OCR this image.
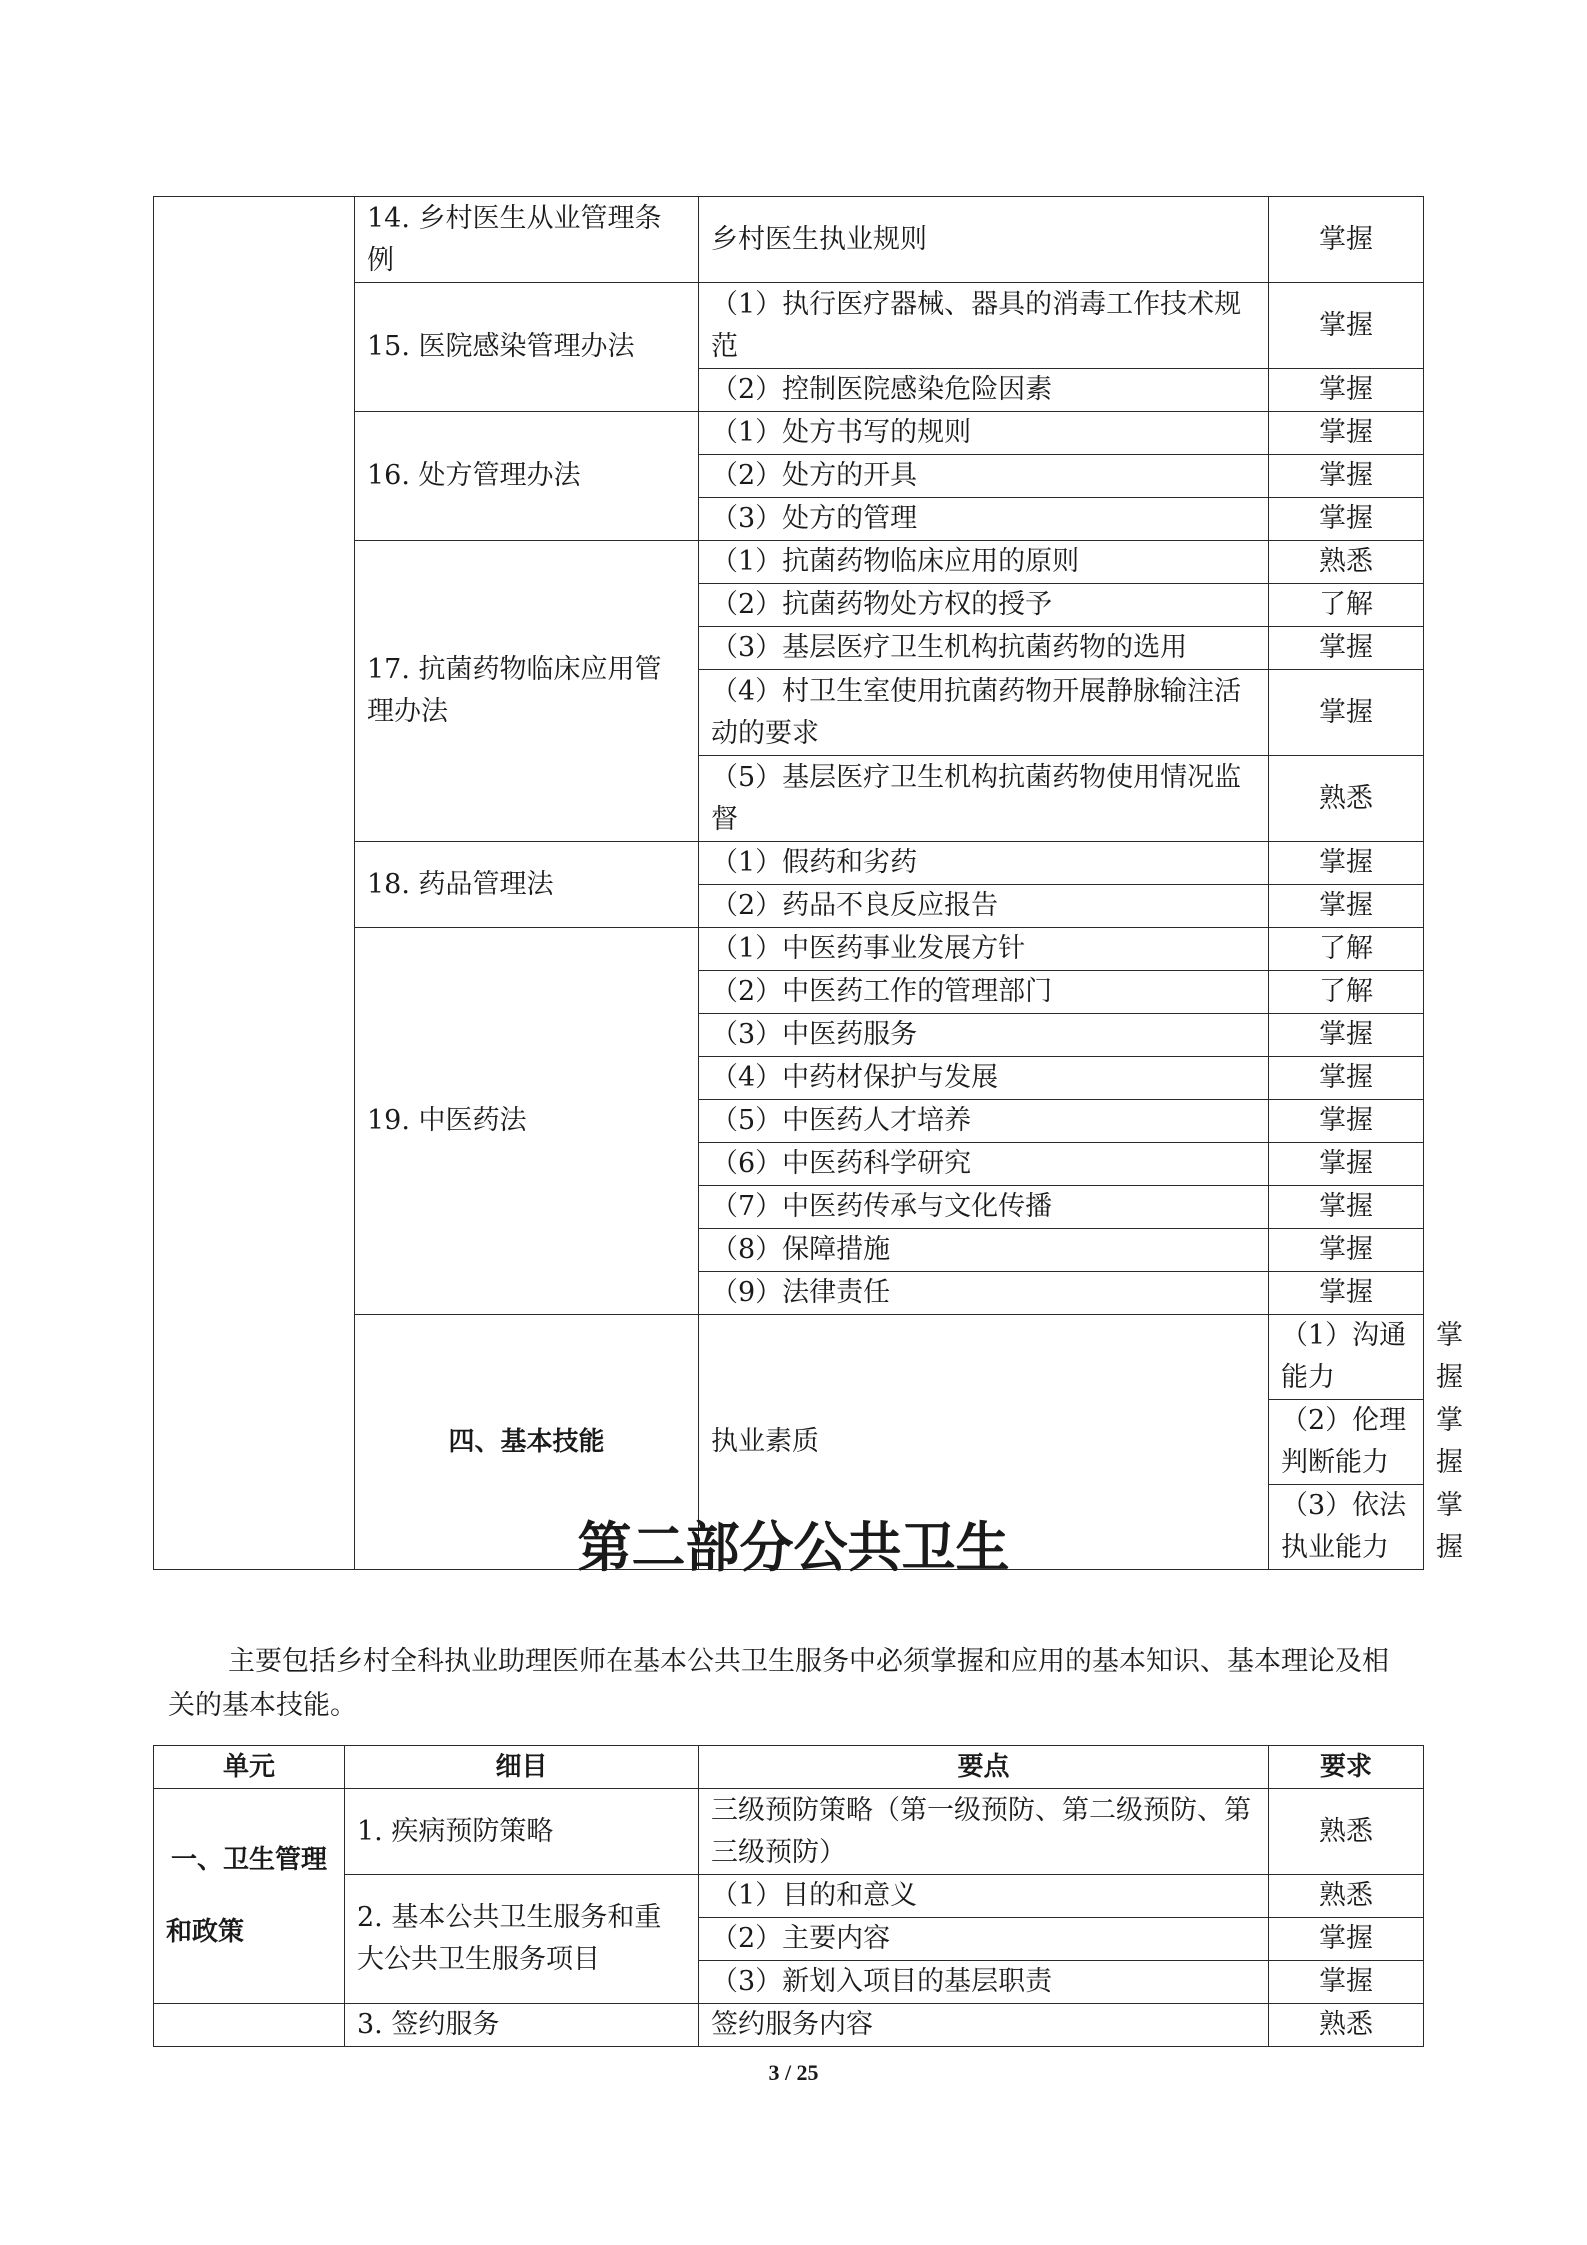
	14. 乡村医生从业管理条例	乡村医生执业规则	掌握	
	15. 医院感染管理办法	（1）执行医疗器械、器具的消毒工作技术规范	掌握	
		（2）控制医院感染危险因素	掌握	
	16. 处方管理办法	（1）处方书写的规则	掌握	
		（2）处方的开具	掌握	
		（3）处方的管理	掌握	
	17. 抗菌药物临床应用管理办法	（1）抗菌药物临床应用的原则	熟悉	
		（2）抗菌药物处方权的授予	了解	
		（3）基层医疗卫生机构抗菌药物的选用	掌握	
		（4）村卫生室使用抗菌药物开展静脉输注活动的要求	掌握	
		（5）基层医疗卫生机构抗菌药物使用情况监督	熟悉	
	18. 药品管理法	（1）假药和劣药	掌握	
		（2）药品不良反应报告	掌握	
	19. 中医药法	（1）中医药事业发展方针	了解	
		（2）中医药工作的管理部门	了解	
		（3）中医药服务	掌握	
		（4）中药材保护与发展	掌握	
		（5）中医药人才培养	掌握	
		（6）中医药科学研究	掌握	
		（7）中医药传承与文化传播	掌握	
		（8）保障措施	掌握	
		（9）法律责任	掌握	
	四、基本技能	执业素质	（1）沟通能力	掌握
			（2）伦理判断能力	掌握
			（3）依法执业能力	掌握
第二部分公共卫生

主要包括乡村全科执业助理医师在基本公共卫生服务中必须掌握和应用的基本知识、基本理论及相关的基本技能。

单元	细目	要点	要求
一、卫生管理
和政策	1. 疾病预防策略	三级预防策略（第一级预防、第二级预防、第三级预防）	熟悉
	2. 基本公共卫生服务和重大公共卫生服务项目	（1）目的和意义	熟悉
		（2）主要内容	掌握
		（3）新划入项目的基层职责	掌握
	3. 签约服务	签约服务内容	熟悉
3 / 25
